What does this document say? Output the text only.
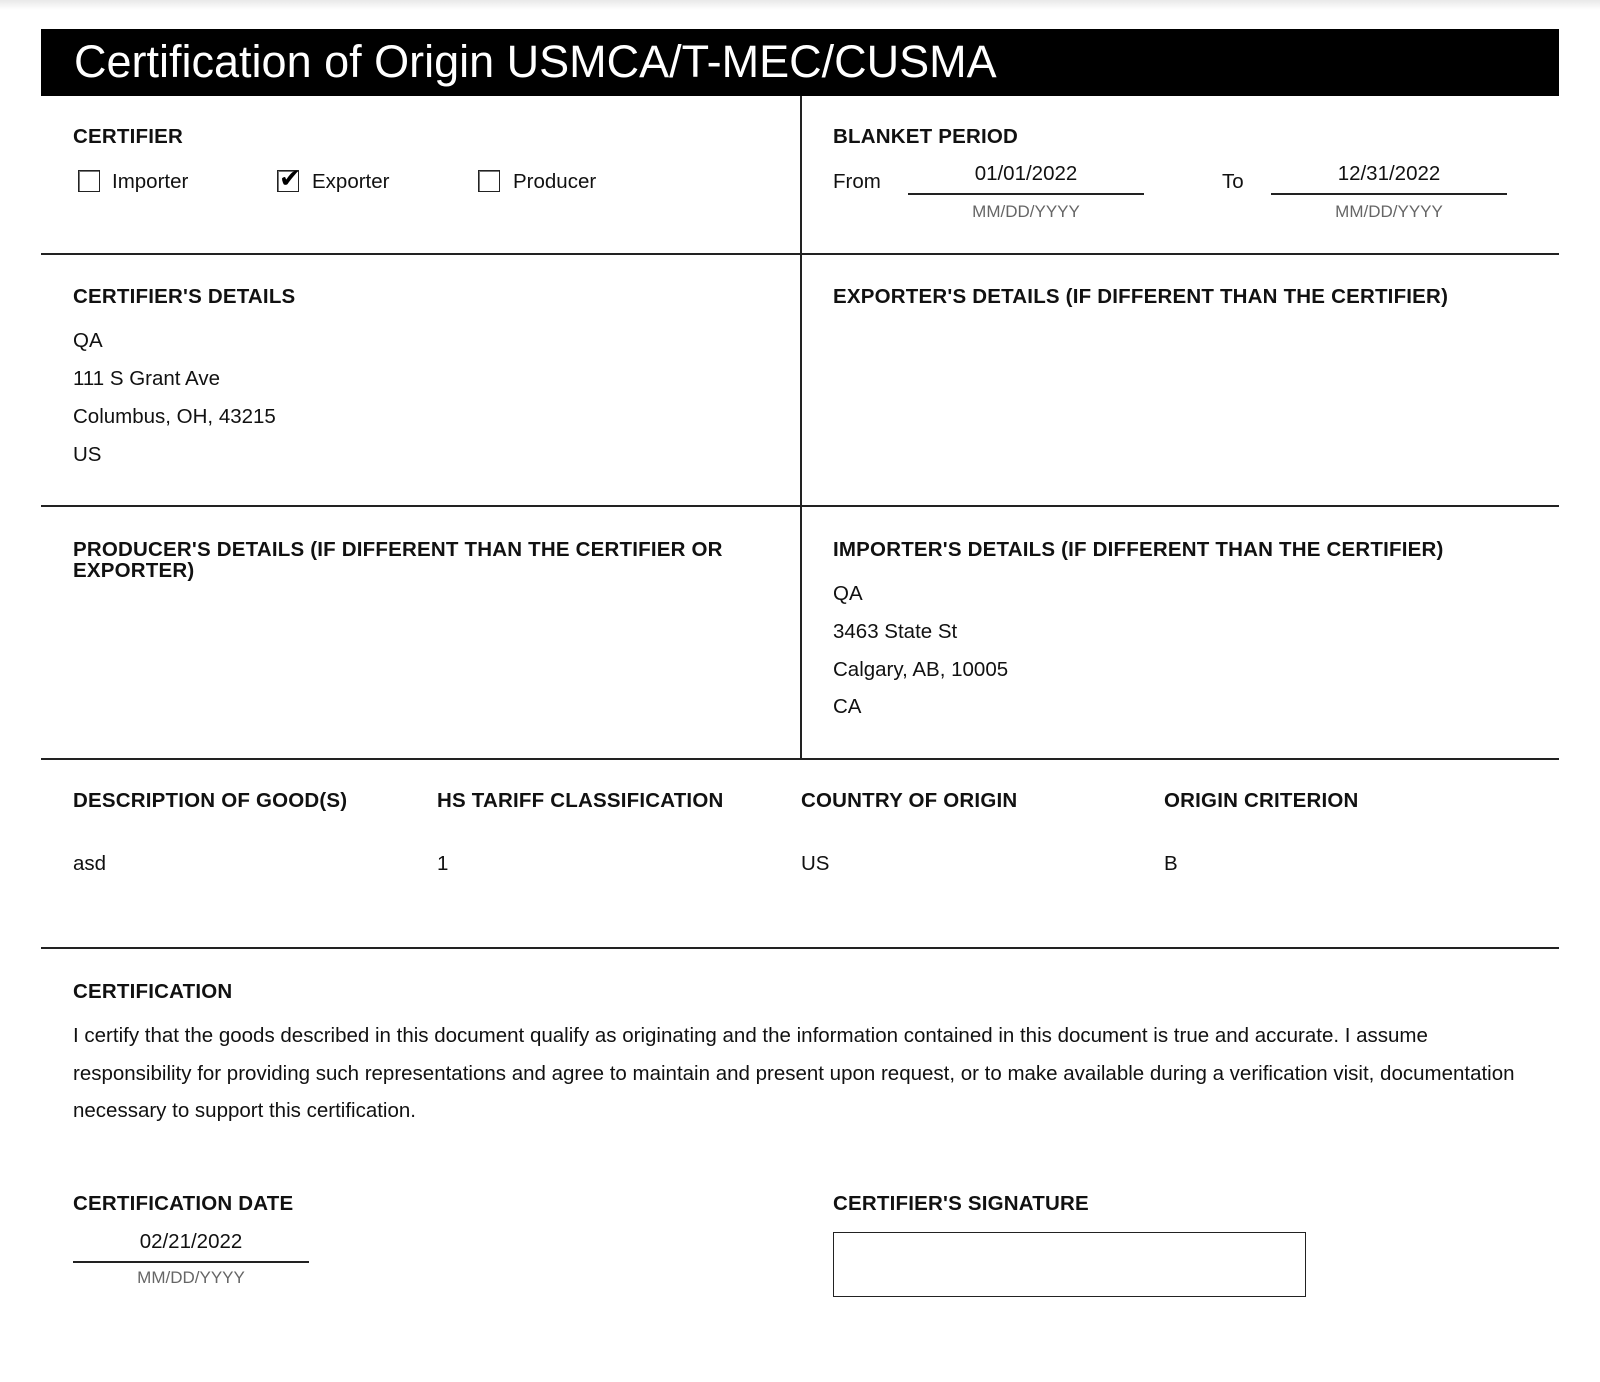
Certification of Origin USMCA/T-MEC/CUSMA
CERTIFIER
Importer	✔ Exporter	Producer
BLANKET PERIOD
From	01/01/2022
MM/DD/YYYY
To	12/31/2022
MM/DD/YYYY
CERTIFIER'S DETAILS
QA
111 S Grant Ave
Columbus, OH, 43215
US
EXPORTER'S DETAILS (IF DIFFERENT THAN THE CERTIFIER)
PRODUCER'S DETAILS (IF DIFFERENT THAN THE CERTIFIER OR
EXPORTER)
IMPORTER'S DETAILS (IF DIFFERENT THAN THE CERTIFIER)
QA
3463 State St
Calgary, AB, 10005
CA
DESCRIPTION OF GOOD(S)	HS TARIFF CLASSIFICATION	COUNTRY OF ORIGIN	ORIGIN CRITERION
asd	1	US	B
CERTIFICATION

I certify that the goods described in this document qualify as originating and the information contained in this document is true and accurate. I assume responsibility for providing such representations and agree to maintain and present upon request, or to make available during a verification visit, documentation necessary to support this certification.

CERTIFICATION DATE
02/21/2022
MM/DD/YYYY
CERTIFIER'S SIGNATURE
